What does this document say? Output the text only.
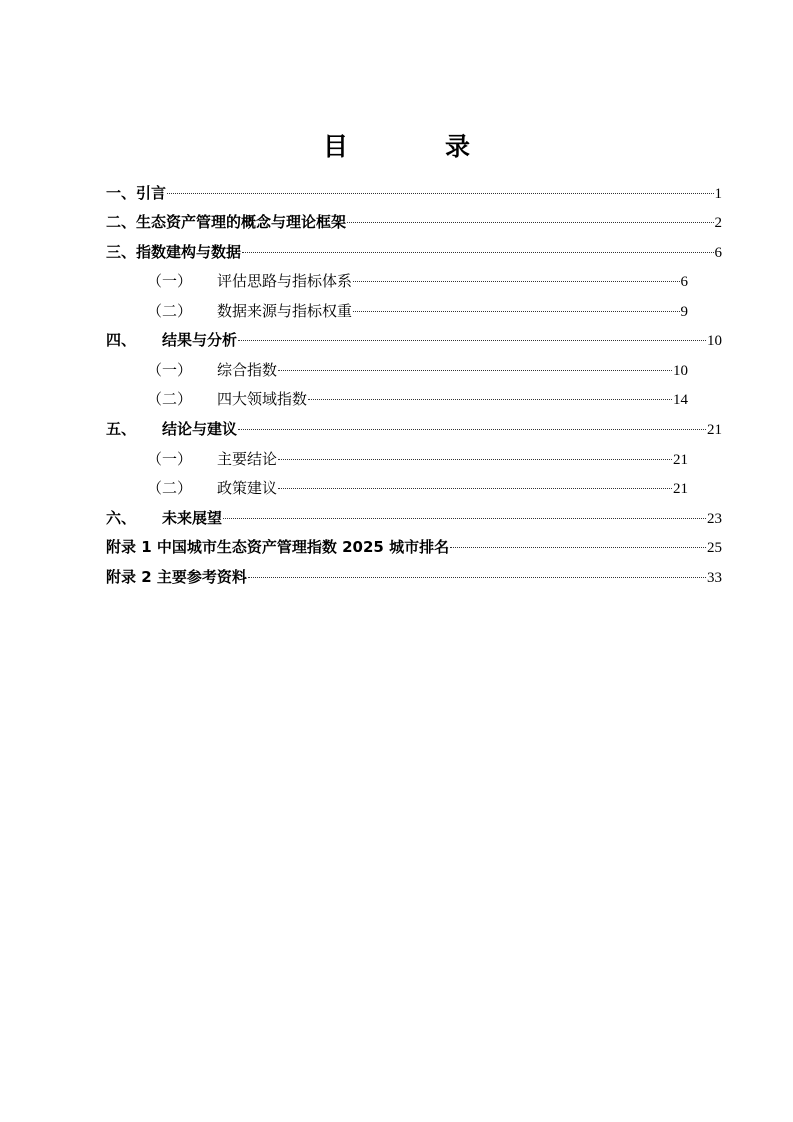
目　录
一、 引言	1
二、 生态资产管理的概念与理论框架	2
三、 指数建构与数据	6
（一）	评估思路与指标体系	6
（二）	数据来源与指标权重	9
四、	结果与分析	10
（一）	综合指数	10
（二）	四大领域指数	14
五、	结论与建议	21
（一）	主要结论	21
（二）	政策建议	21
六、	未来展望	23
附录 1 中国城市生态资产管理指数 2025 城市排名	25
附录 2 主要参考资料	33
